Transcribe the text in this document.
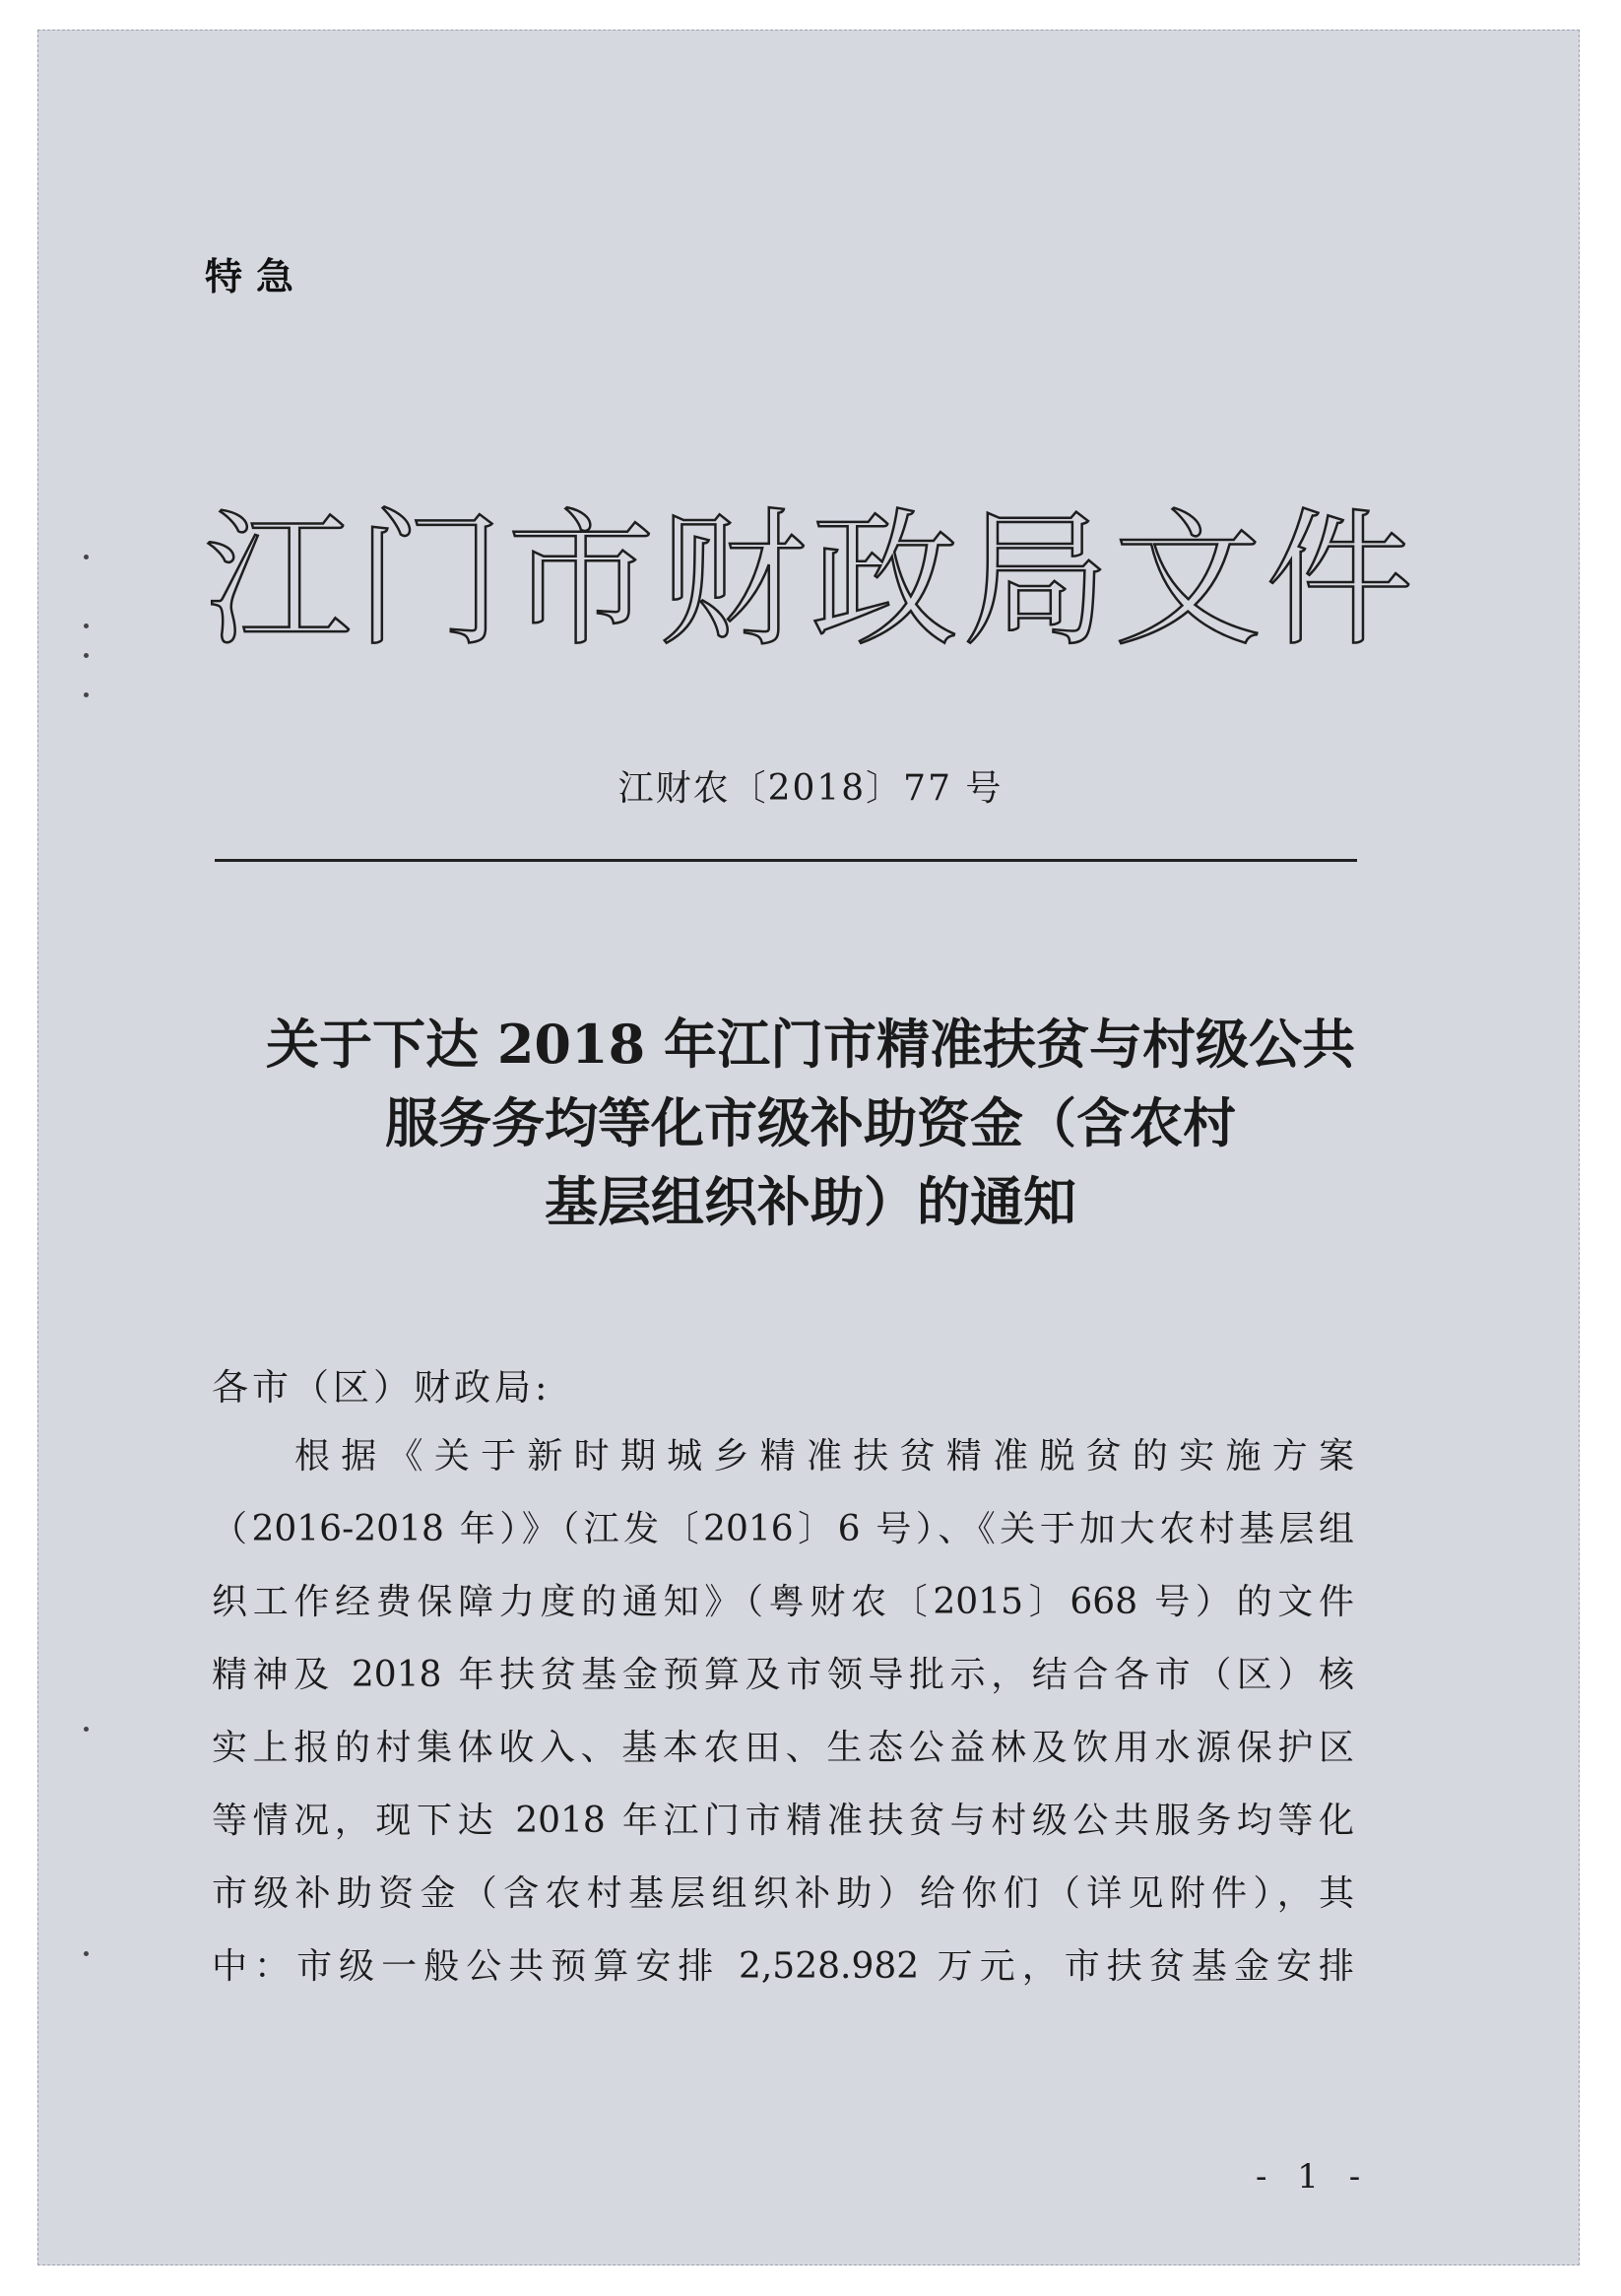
特急
江门市财政局文件
江财农〔2018〕77 号
关于下达 2018 年江门市精准扶贫与村级公共
服务务均等化市级补助资金（含农村
基层组织补助）的通知
各市（区）财政局:
根据《关于新时期城乡精准扶贫精准脱贫的实施方案
（2016-2018 年）》（江发〔2016〕6 号）、《关于加大农村基层组
织工作经费保障力度的通知》（粤财农〔2015〕668 号）的文件
精神及 2018 年扶贫基金预算及市领导批示，结合各市（区）核
实上报的村集体收入、基本农田、生态公益林及饮用水源保护区
等情况，现下达 2018 年江门市精准扶贫与村级公共服务均等化
市级补助资金（含农村基层组织补助）给你们（详见附件），其
中：市级一般公共预算安排 2,528.982 万元，市扶贫基金安排
- 1 -
